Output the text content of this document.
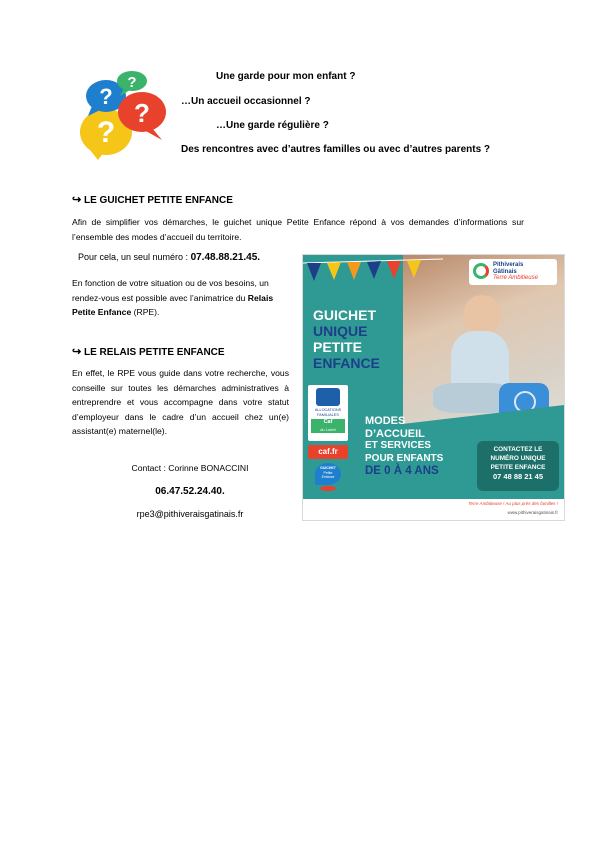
?
?
?
?	Une garde pour mon enfant ?
…Un accueil occasionnel ?
…Une garde régulière ?
Des rencontres avec d’autres familles ou avec d’autres parents ?
↪ LE GUICHET PETITE ENFANCE
Afin de simplifier vos démarches, le guichet unique Petite Enfance répond à vos demandes d’informations sur l’ensemble des modes d’accueil du territoire.
Pour cela, un seul numéro : 07.48.88.21.45.
En fonction de votre situation ou de vos besoins, un rendez-vous est possible avec l’animatrice du Relais Petite Enfance (RPE).
↪ LE RELAIS PETITE ENFANCE
En effet, le RPE vous guide dans votre recherche, vous conseille sur toutes les démarches administratives à entreprendre et vous accompagne dans votre statut d’employeur dans le cadre d’un accueil chez un(e) assistant(e) maternel(le).
Contact : Corinne BONACCINI
06.47.52.24.40.
rpe3@pithiveraisgatinais.fr
Pithiverais
Gâtinais
Terre Ambitieuse
GUICHET
UNIQUE
PETITE
ENFANCE
ALLOCATIONS
FAMILIALES
Caf
du Loiret
caf.fr
GUICHET
Petite
Enfance
MODES
D’ACCUEIL
ET SERVICES
POUR ENFANTS
DE 0 À 4 ANS
CONTACTEZ LE
NUMÉRO UNIQUE
PETITE ENFANCE
07 48 88 21 45
Terre Ambitieuse ! Au plus près des familles !
www.pithiveraisgatinais.fr
